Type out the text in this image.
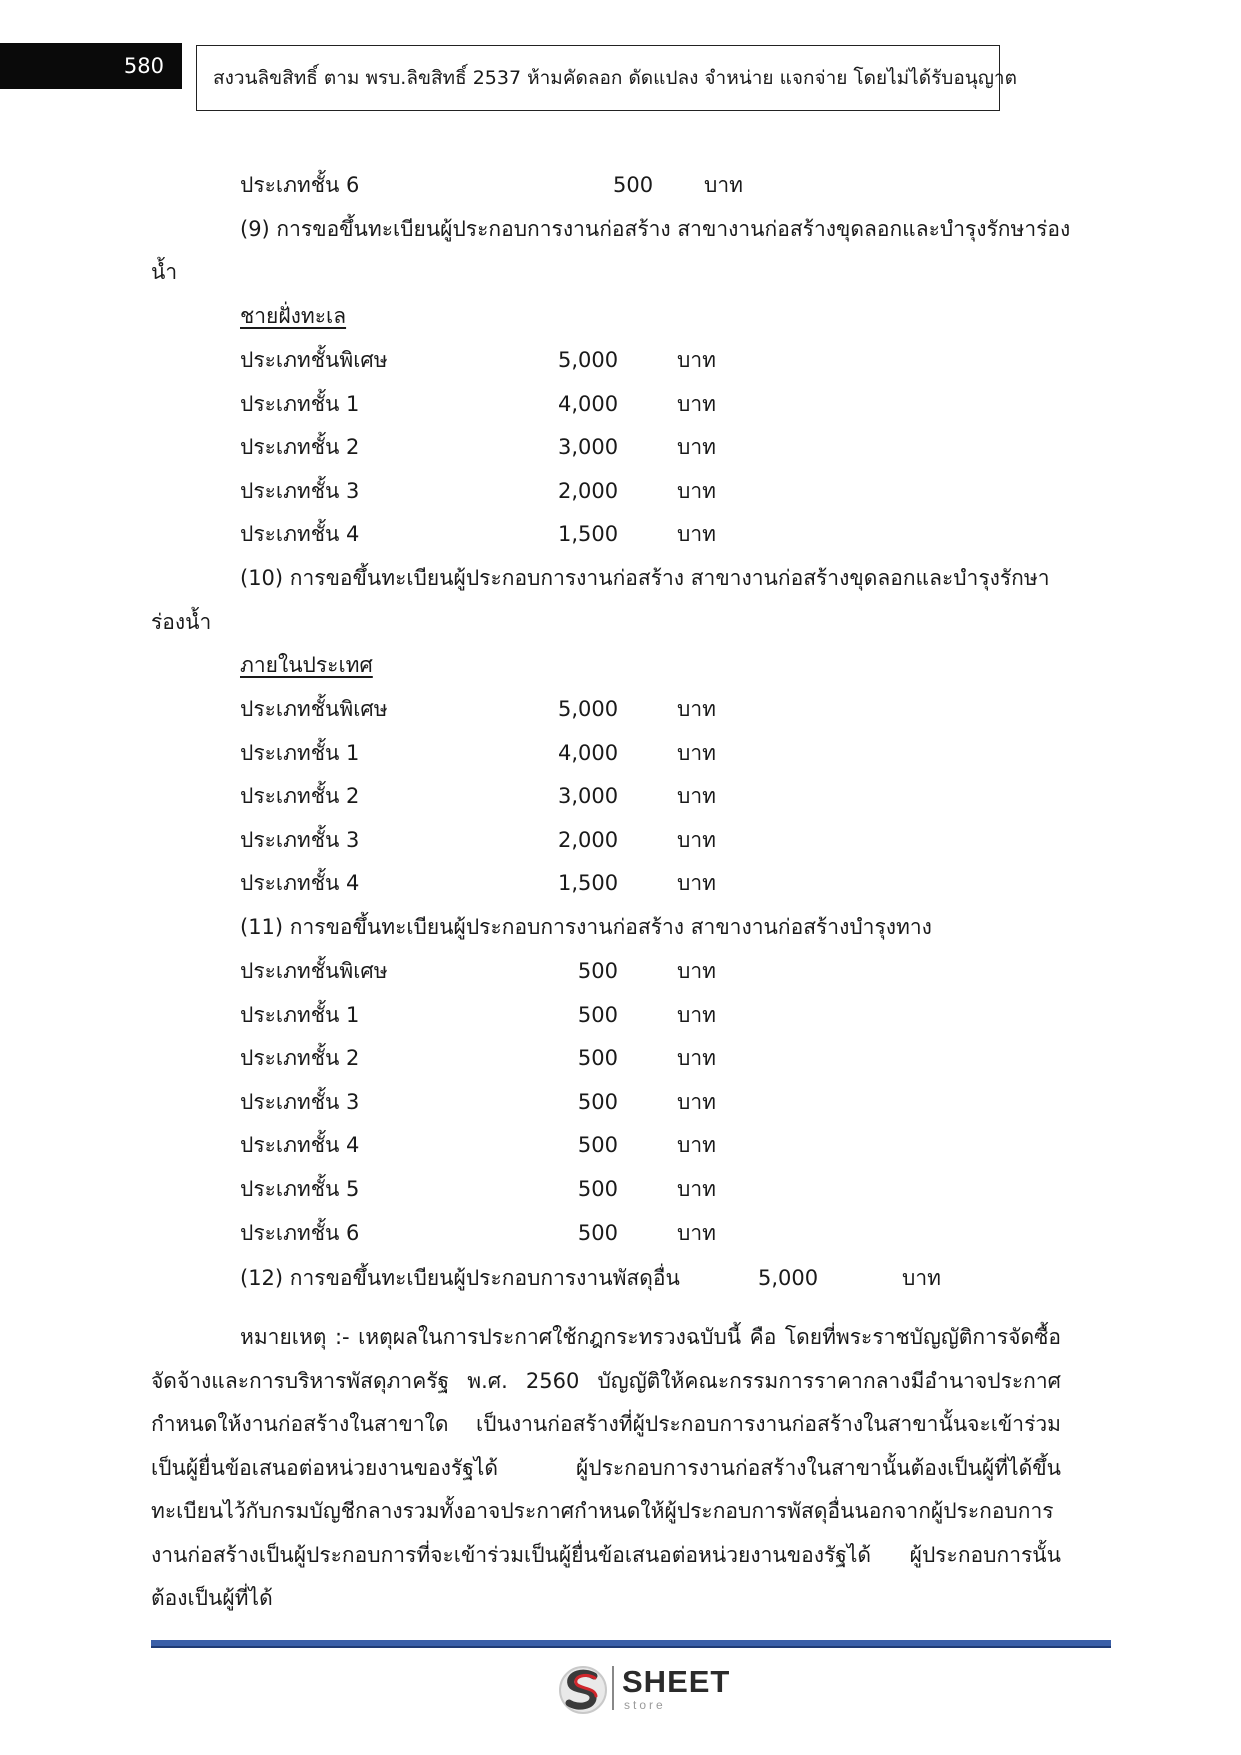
580	สงวนลิขสิทธิ์ ตาม พรบ.ลิขสิทธิ์ 2537 ห้ามคัดลอก ดัดแปลง จำหน่าย แจกจ่าย โดยไม่ได้รับอนุญาต
ประเภทชั้น 6	500 บาท
(9) การขอขึ้นทะเบียนผู้ประกอบการงานก่อสร้าง สาขางานก่อสร้างขุดลอกและบำรุงรักษาร่อง
น้ำ
ชายฝั่งทะเล
ประเภทชั้นพิเศษ	5,000	บาท
ประเภทชั้น 1	4,000	บาท
ประเภทชั้น 2	3,000	บาท
ประเภทชั้น 3	2,000	บาท
ประเภทชั้น 4	1,500	บาท
(10) การขอขึ้นทะเบียนผู้ประกอบการงานก่อสร้าง สาขางานก่อสร้างขุดลอกและบำรุงรักษา
ร่องน้ำ
ภายในประเทศ
ประเภทชั้นพิเศษ	5,000	บาท
ประเภทชั้น 1	4,000	บาท
ประเภทชั้น 2	3,000	บาท
ประเภทชั้น 3	2,000	บาท
ประเภทชั้น 4	1,500	บาท
(11) การขอขึ้นทะเบียนผู้ประกอบการงานก่อสร้าง สาขางานก่อสร้างบำรุงทาง
ประเภทชั้นพิเศษ	500	บาท
ประเภทชั้น 1	500	บาท
ประเภทชั้น 2	500	บาท
ประเภทชั้น 3	500	บาท
ประเภทชั้น 4	500	บาท
ประเภทชั้น 5	500	บาท
ประเภทชั้น 6	500	บาท
(12) การขอขึ้นทะเบียนผู้ประกอบการงานพัสดุอื่น	5,000	บาท
หมายเหตุ :- เหตุผลในการประกาศใช้กฎกระทรวงฉบับนี้ คือ โดยที่พระราชบัญญัติการจัดซื้อจัดจ้างและการบริหารพัสดุภาครัฐ พ.ศ. 2560 บัญญัติให้คณะกรรมการราคากลางมีอำนาจประกาศกำหนดให้งานก่อสร้างในสาขาใด เป็นงานก่อสร้างที่ผู้ประกอบการงานก่อสร้างในสาขานั้นจะเข้าร่วมเป็นผู้ยื่นข้อเสนอต่อหน่วยงานของรัฐได้ ผู้ประกอบการงานก่อสร้างในสาขานั้นต้องเป็นผู้ที่ได้ขึ้นทะเบียนไว้กับกรมบัญชีกลางรวมทั้งอาจประกาศกำหนดให้ผู้ประกอบการพัสดุอื่นนอกจากผู้ประกอบการงานก่อสร้างเป็นผู้ประกอบการที่จะเข้าร่วมเป็นผู้ยื่นข้อเสนอต่อหน่วยงานของรัฐได้ ผู้ประกอบการนั้นต้องเป็นผู้ที่ได้
SHEET
store
